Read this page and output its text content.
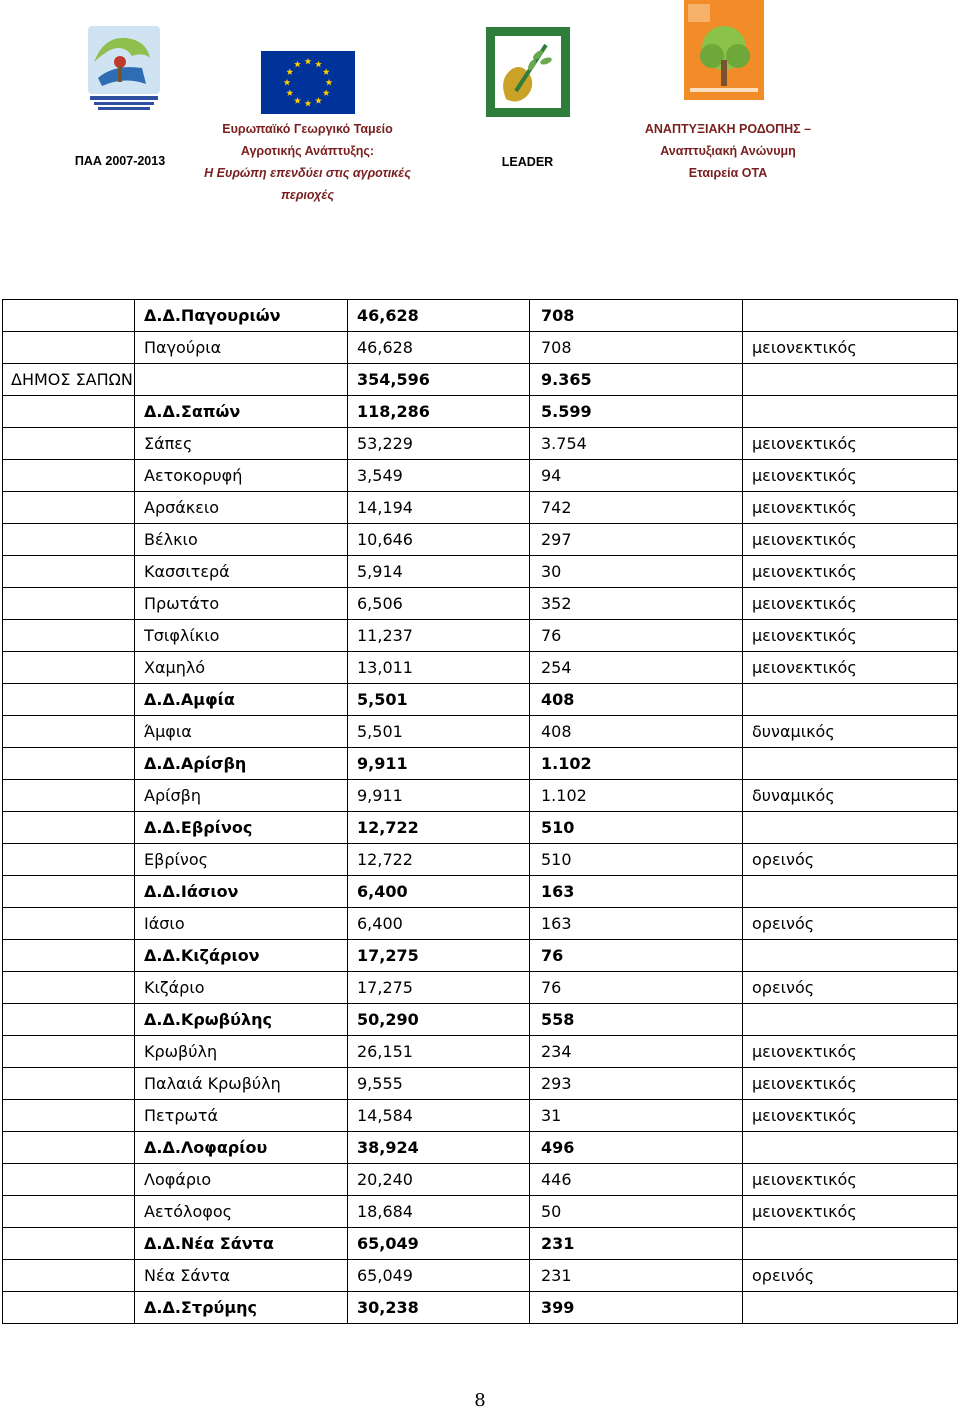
ΠΑΑ 2007-2013
Ευρωπαϊκό Γεωργικό Ταμείο
Αγροτικής Ανάπτυξης:
Η Ευρώπη επενδύει στις αγροτικές
περιοχές
LEADER
ΑΝΑΠΤΥΞΙΑΚΗ ΡΟΔΟΠΗΣ –
Αναπτυξιακή Ανώνυμη
Εταιρεία ΟΤΑ
	Δ.Δ.Παγουριών	46,628	708	
	Παγούρια	46,628	708	μειονεκτικός
ΔΗΜΟΣ ΣΑΠΩΝ		354,596	9.365	
	Δ.Δ.Σαπών	118,286	5.599	
	Σάπες	53,229	3.754	μειονεκτικός
	Αετοκορυφή	3,549	94	μειονεκτικός
	Αρσάκειο	14,194	742	μειονεκτικός
	Βέλκιο	10,646	297	μειονεκτικός
	Κασσιτερά	5,914	30	μειονεκτικός
	Πρωτάτο	6,506	352	μειονεκτικός
	Τσιφλίκιο	11,237	76	μειονεκτικός
	Χαμηλό	13,011	254	μειονεκτικός
	Δ.Δ.Αμφία	5,501	408	
	Άμφια	5,501	408	δυναμικός
	Δ.Δ.Αρίσβη	9,911	1.102	
	Αρίσβη	9,911	1.102	δυναμικός
	Δ.Δ.Εβρίνος	12,722	510	
	Εβρίνος	12,722	510	ορεινός
	Δ.Δ.Ιάσιον	6,400	163	
	Ιάσιο	6,400	163	ορεινός
	Δ.Δ.Κιζάριον	17,275	76	
	Κιζάριο	17,275	76	ορεινός
	Δ.Δ.Κρωβύλης	50,290	558	
	Κρωβύλη	26,151	234	μειονεκτικός
	Παλαιά Κρωβύλη	9,555	293	μειονεκτικός
	Πετρωτά	14,584	31	μειονεκτικός
	Δ.Δ.Λοφαρίου	38,924	496	
	Λοφάριο	20,240	446	μειονεκτικός
	Αετόλοφος	18,684	50	μειονεκτικός
	Δ.Δ.Νέα Σάντα	65,049	231	
	Νέα Σάντα	65,049	231	ορεινός
	Δ.Δ.Στρύμης	30,238	399	
8
